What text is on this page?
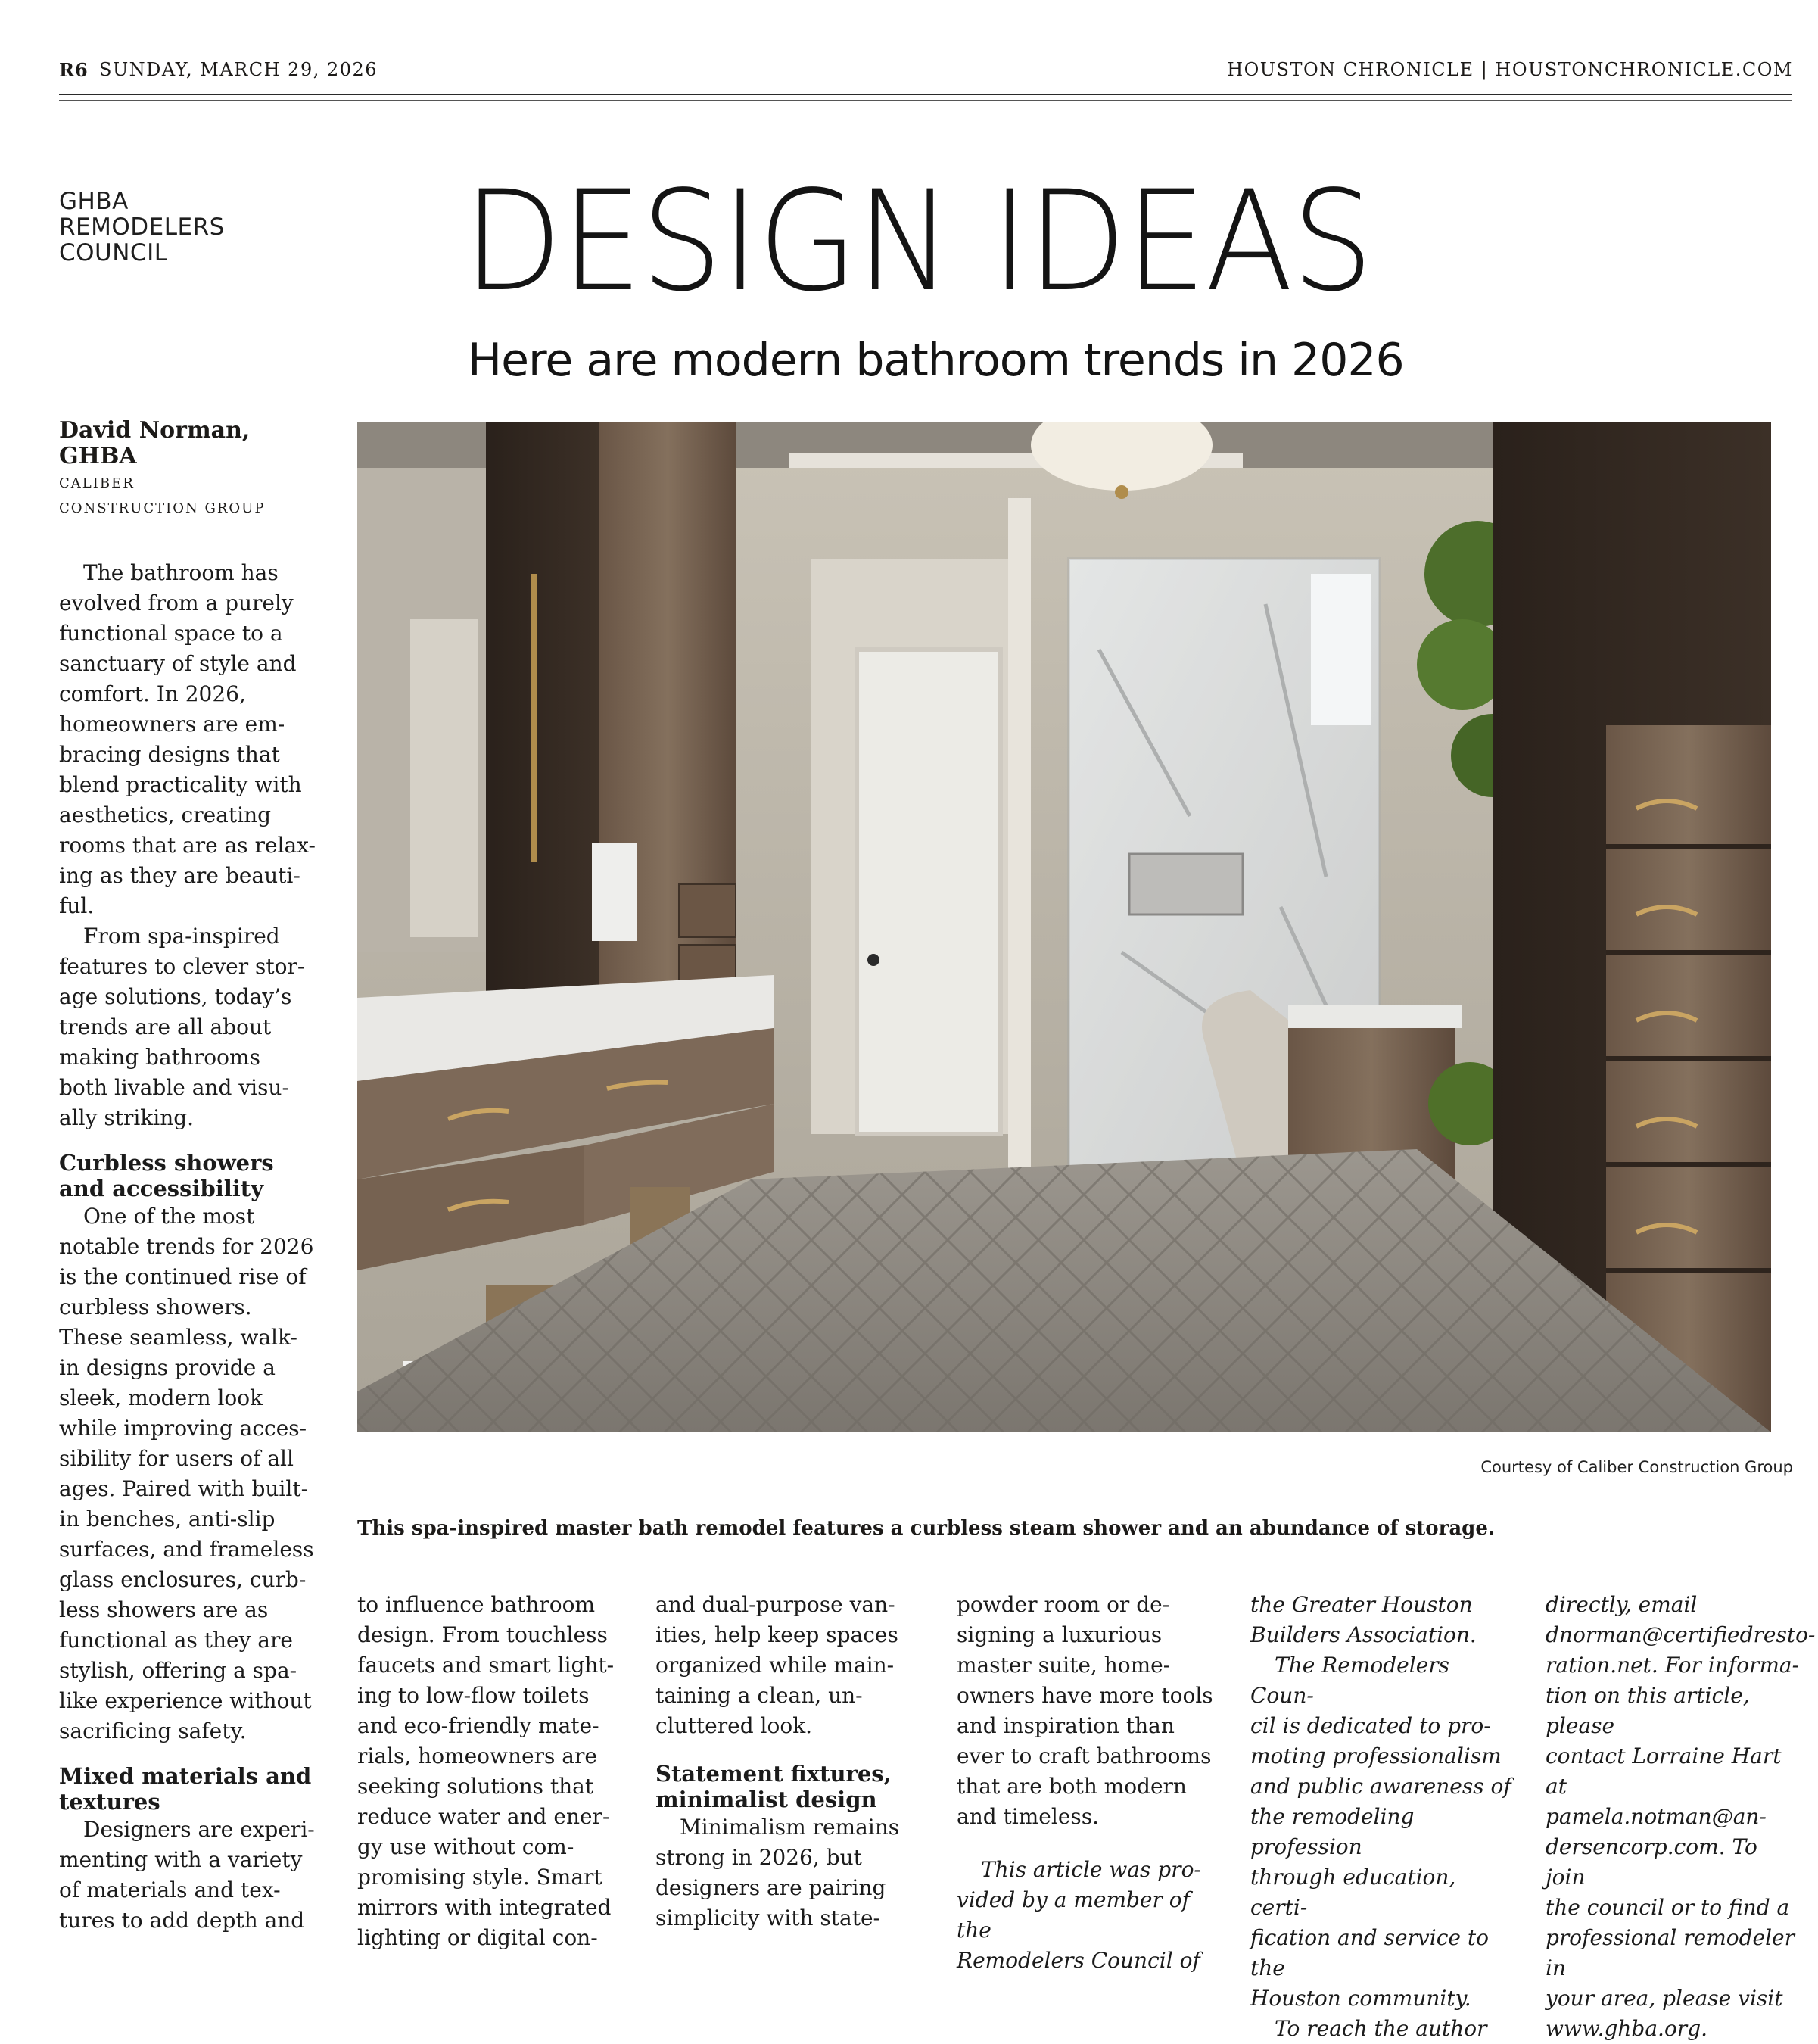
R6 SUNDAY, MARCH 29, 2026	HOUSTON CHRONICLE | HOUSTONCHRONICLE.COM
GHBA
REMODELERS
COUNCIL	DESIGN IDEAS
Here are modern bathroom trends in 2026
David Norman,
GHBA
CALIBER
CONSTRUCTION GROUP
Courtesy of Caliber Construction Group
This spa-inspired master bath remodel features a curbless steam shower and an abundance of storage.

The bathroom has

evolved from a purely

functional space to a

sanctuary of style and

comfort. In 2026,

homeowners are em-

bracing designs that

blend practicality with

aesthetics, creating

rooms that are as relax-

ing as they are beauti-

ful.

From spa-inspired

features to clever stor-

age solutions, today’s

trends are all about

making bathrooms

both livable and visu-

ally striking.

Curbless showers
and accessibility

One of the most

notable trends for 2026

is the continued rise of

curbless showers.

These seamless, walk-

in designs provide a

sleek, modern look

while improving acces-

sibility for users of all

ages. Paired with built-

in benches, anti-slip

surfaces, and frameless

glass enclosures, curb-

less showers are as

functional as they are

stylish, offering a spa-

like experience without

sacrificing safety.

Mixed materials and
textures

Designers are experi-

menting with a variety

of materials and tex-

tures to add depth and

to influence bathroom

design. From touchless

faucets and smart light-

ing to low-flow toilets

and eco-friendly mate-

rials, homeowners are

seeking solutions that

reduce water and ener-

gy use without com-

promising style. Smart

mirrors with integrated

lighting or digital con-

and dual-purpose van-

ities, help keep spaces

organized while main-

taining a clean, un-

cluttered look.

Statement fixtures,
minimalist design

Minimalism remains

strong in 2026, but

designers are pairing

simplicity with state-

powder room or de-

signing a luxurious

master suite, home-

owners have more tools

and inspiration than

ever to craft bathrooms

that are both modern

and timeless.

This article was pro-

vided by a member of the

Remodelers Council of

the Greater Houston

Builders Association.

The Remodelers Coun-

cil is dedicated to pro-

moting professionalism

and public awareness of

the remodeling profession

through education, certi-

fication and service to the

Houston community.

To reach the author

directly, email

dnorman@certifiedresto-

ration.net. For informa-

tion on this article, please

contact Lorraine Hart at

pamela.notman@an-

dersencorp.com. To join

the council or to find a

professional remodeler in

your area, please visit

www.ghba.org.
